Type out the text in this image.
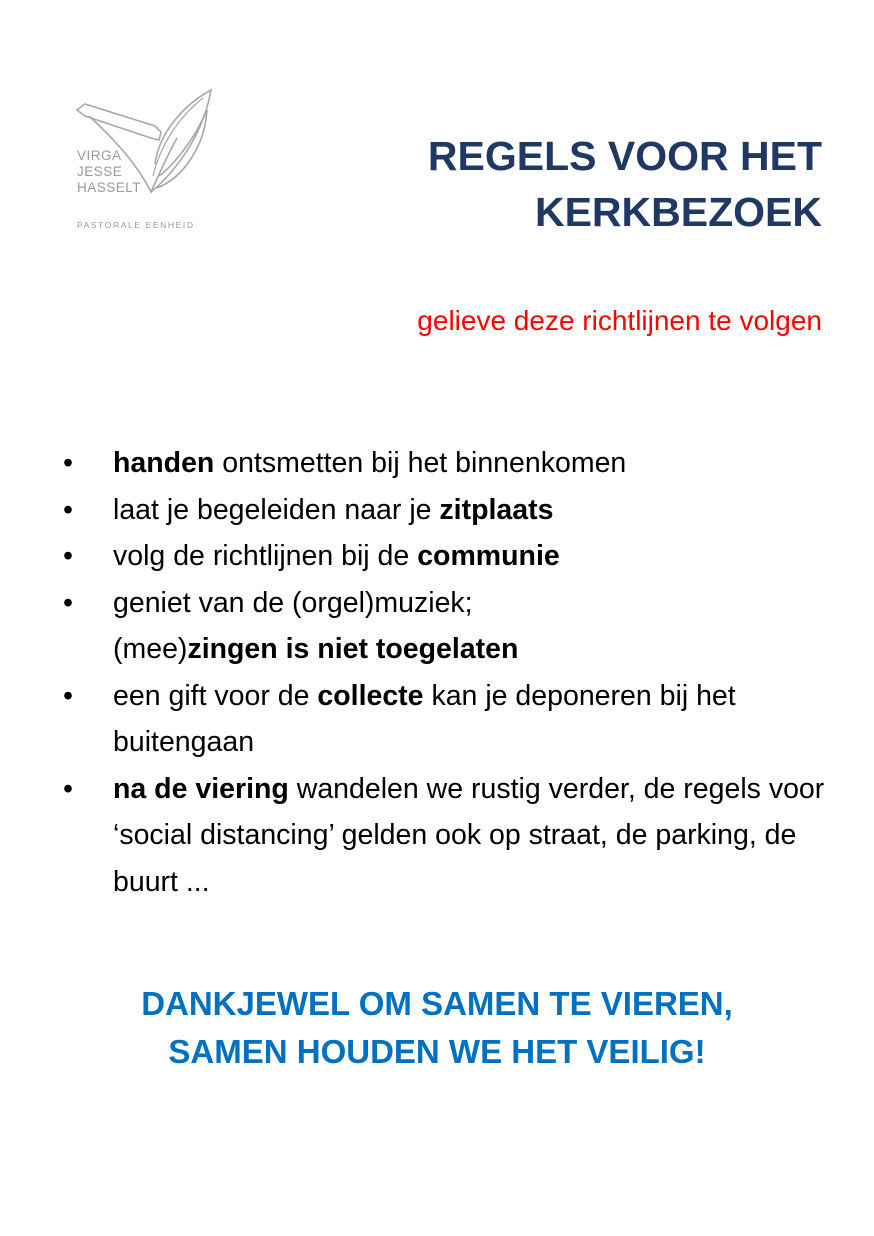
VIRGA
JESSE
HASSELT
PASTORALE EENHEID
REGELS VOOR HET
KERKBEZOEK

gelieve deze richtlijnen te volgen

• handen ontsmetten bij het binnenkomen
• laat je begeleiden naar je zitplaats
• volg de richtlijnen bij de communie
• geniet van de (orgel)muziek;
(mee)zingen is niet toegelaten
• een gift voor de collecte kan je deponeren bij het buitengaan
• na de viering wandelen we rustig verder, de regels voor ‘social distancing’ gelden ook op straat, de parking, de buurt ...
DANKJEWEL OM SAMEN TE VIEREN,
SAMEN HOUDEN WE HET VEILIG!
